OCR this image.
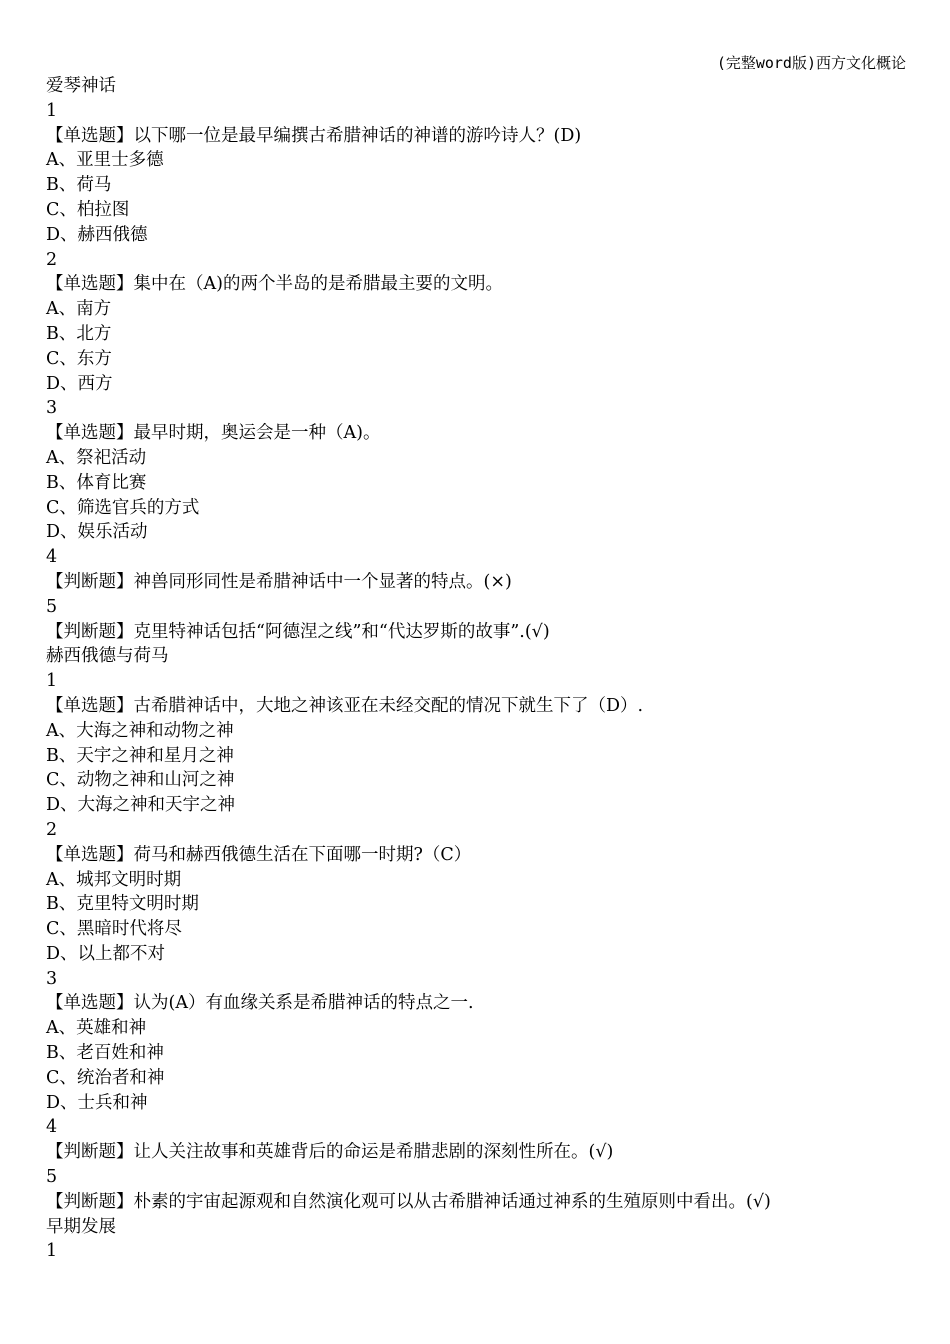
(完整word版)西方文化概论
爱琴神话
1
【单选题】以下哪一位是最早编撰古希腊神话的神谱的游吟诗人？(D)
A、亚里士多德
B、荷马
C、柏拉图
D、赫西俄德
2
【单选题】集中在（A)的两个半岛的是希腊最主要的文明。
A、南方
B、北方
C、东方
D、西方
3
【单选题】最早时期，奥运会是一种（A)。
A、祭祀活动
B、体育比赛
C、筛选官兵的方式
D、娱乐活动
4
【判断题】神兽同形同性是希腊神话中一个显著的特点。(×)
5
【判断题】克里特神话包括“阿德涅之线”和“代达罗斯的故事”.(√)
赫西俄德与荷马
1
【单选题】古希腊神话中，大地之神该亚在未经交配的情况下就生下了（D）.
A、大海之神和动物之神
B、天宇之神和星月之神
C、动物之神和山河之神
D、大海之神和天宇之神
2
【单选题】荷马和赫西俄德生活在下面哪一时期?（C）
A、城邦文明时期
B、克里特文明时期
C、黑暗时代将尽
D、以上都不对
3
【单选题】认为(A）有血缘关系是希腊神话的特点之一.
A、英雄和神
B、老百姓和神
C、统治者和神
D、士兵和神
4
【判断题】让人关注故事和英雄背后的命运是希腊悲剧的深刻性所在。(√)
5
【判断题】朴素的宇宙起源观和自然演化观可以从古希腊神话通过神系的生殖原则中看出。(√)
早期发展
1
